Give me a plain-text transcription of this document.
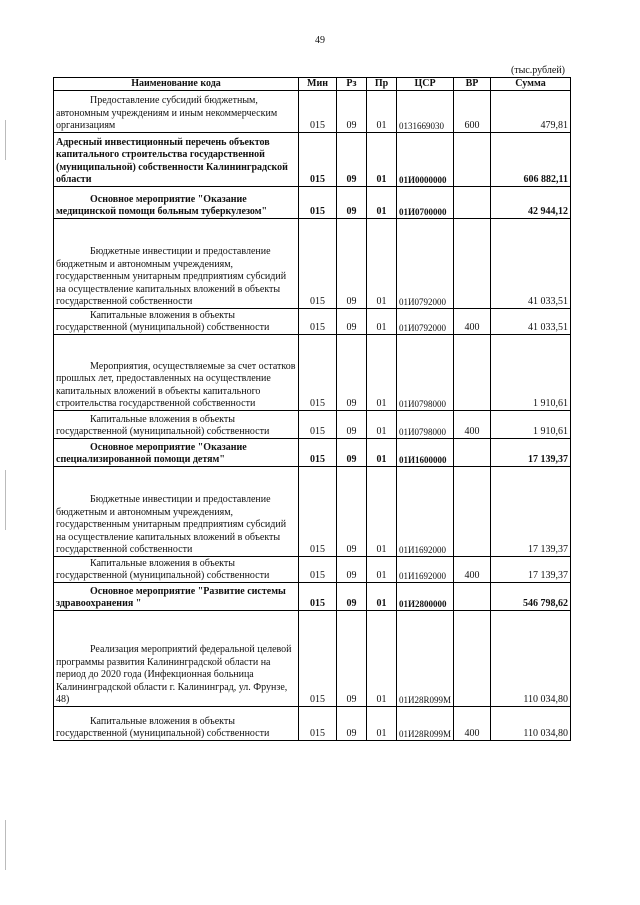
49
(тыс.рублей)
Наименование кода	Мин	Рз	Пр	ЦСР	ВР	Сумма
Предоставление субсидий бюджетным, автономным учреждениям и иным некоммерческим организациям	015	09	01	0131669030	600	479,81
Адресный инвестиционный перечень объектов капитального строительства государственной (муниципальной) собственности Калининградской области	015	09	01	01И0000000		606 882,11
Основное мероприятие "Оказание медицинской помощи больным туберкулезом"	015	09	01	01И0700000		42 944,12
Бюджетные инвестиции и предоставление бюджетным и автономным учреждениям, государственным унитарным предприятиям субсидий на осуществление капитальных вложений в объекты государственной собственности	015	09	01	01И0792000		41 033,51
Капитальные вложения в объекты государственной (муниципальной) собственности	015	09	01	01И0792000	400	41 033,51
Мероприятия, осуществляемые за счет остатков прошлых лет, предоставленных на осуществление капитальных вложений в объекты капитального строительства государственной собственности	015	09	01	01И0798000		1 910,61
Капитальные вложения в объекты государственной (муниципальной) собственности	015	09	01	01И0798000	400	1 910,61
Основное мероприятие "Оказание специализированной помощи детям"	015	09	01	01И1600000		17 139,37
Бюджетные инвестиции и предоставление бюджетным и автономным учреждениям, государственным унитарным предприятиям субсидий на осуществление капитальных вложений в объекты государственной собственности	015	09	01	01И1692000		17 139,37
Капитальные вложения в объекты государственной (муниципальной) собственности	015	09	01	01И1692000	400	17 139,37
Основное мероприятие "Развитие системы здравоохранения "	015	09	01	01И2800000		546 798,62
Реализация мероприятий федеральной целевой программы развития Калининградской области на период до 2020 года (Инфекционная больница Калининградской области г. Калининград, ул. Фрунзе, 48)	015	09	01	01И28R099M		110 034,80
Капитальные вложения в объекты государственной (муниципальной) собственности	015	09	01	01И28R099M	400	110 034,80
